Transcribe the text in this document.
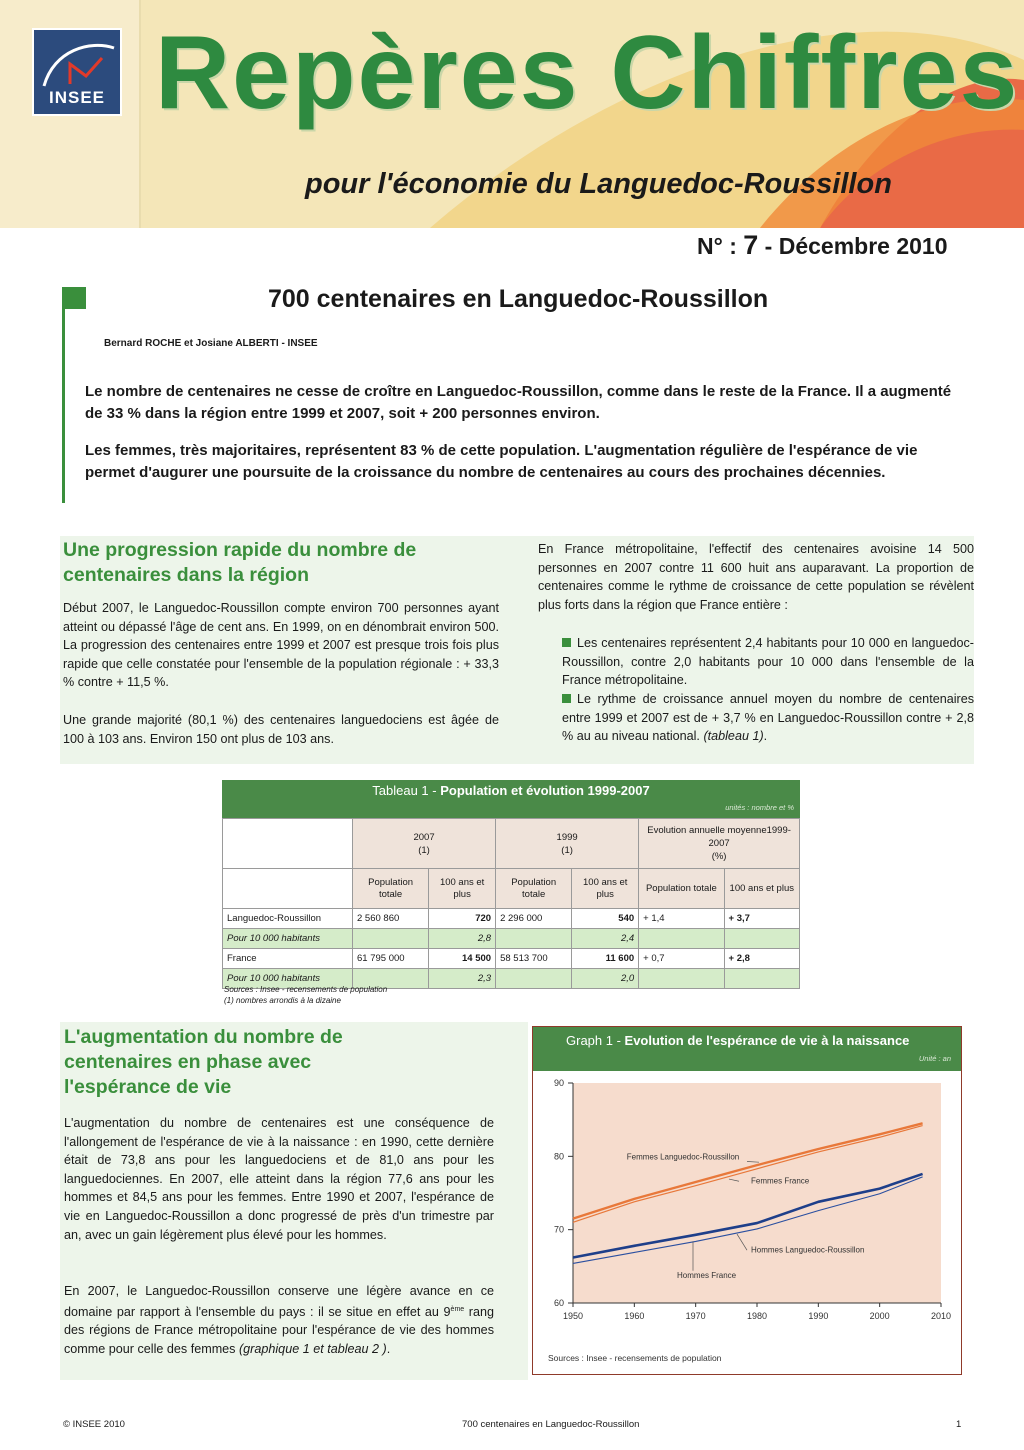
INSEE Repères Chiffres
pour l'économie du Languedoc-Roussillon
N° : 7 - Décembre 2010
700 centenaires en Languedoc-Roussillon
Bernard ROCHE et Josiane ALBERTI - INSEE
Le nombre de centenaires ne cesse de croître en Languedoc-Roussillon, comme dans le reste de la France. Il a augmenté de 33 % dans la région entre 1999 et 2007, soit + 200 personnes environ.
Les femmes, très majoritaires, représentent 83 % de cette population. L'augmentation régulière de l'espérance de vie permet d'augurer une poursuite de la croissance du nombre de centenaires au cours des prochaines décennies.
Une progression rapide du nombre de centenaires dans la région
Début 2007, le Languedoc-Roussillon compte environ 700 personnes ayant atteint ou dépassé l'âge de cent ans. En 1999, on en dénombrait environ 500. La progression des centenaires entre 1999 et 2007 est presque trois fois plus rapide que celle constatée pour l'ensemble de la population régionale : + 33,3 % contre + 11,5 %.
Une grande majorité (80,1 %) des centenaires languedociens est âgée de 100 à 103 ans. Environ 150 ont plus de 103 ans.
En France métropolitaine, l'effectif des centenaires avoisine 14 500 personnes en 2007 contre 11 600 huit ans auparavant. La proportion de centenaires comme le rythme de croissance de cette population se révèlent plus forts dans la région que France entière :
Les centenaires représentent 2,4 habitants pour 10 000 en languedoc-Roussillon, contre 2,0 habitants pour 10 000 dans l'ensemble de la France métropolitaine.
Le rythme de croissance annuel moyen du nombre de centenaires entre 1999 et 2007 est de + 3,7 % en Languedoc-Roussillon contre + 2,8 % au au niveau national. (tableau 1).
Tableau 1 - Population et évolution 1999-2007
unités : nombre et %
	2007
(1)		1999
(1)		Evolution annuelle moyenne1999-2007
(%)	
	Population totale	100 ans et plus	Population totale	100 ans et plus	Population totale	100 ans et plus
Languedoc-Roussillon	2 560 860	720	2 296 000	540	+ 1,4	+ 3,7
Pour 10 000 habitants		2,8		2,4		
France	61 795 000	14 500	58 513 700	11 600	+ 0,7	+ 2,8
Pour 10 000 habitants		2,3		2,0		
Sources : Insee - recensements de population
(1) nombres arrondis à la dizaine
L'augmentation du nombre de centenaires en phase avec l'espérance de vie
L'augmentation du nombre de centenaires est une conséquence de l'allongement de l'espérance de vie à la naissance : en 1990, cette dernière était de 73,8 ans pour les languedociens et de 81,0 ans pour les languedociennes. En 2007, elle atteint dans la région 77,6 ans pour les hommes et 84,5 ans pour les femmes. Entre 1990 et 2007, l'espérance de vie en Languedoc-Roussillon a donc progressé de près d'un trimestre par an, avec un gain légèrement plus élevé pour les hommes.
En 2007, le Languedoc-Roussillon conserve une légère avance en ce domaine par rapport à l'ensemble du pays : il se situe en effet au 9ème rang des régions de France métropolitaine pour l'espérance de vie des hommes comme pour celle des femmes (graphique 1 et tableau 2 ).
Graph 1 - Evolution de l'espérance de vie à la naissance
Unité : an
60
70
80
90
1950	1960	1970	1980	1990	2000	2010
Femmes Languedoc-Roussillon
Femmes France
Hommes Languedoc-Roussillon
Hommes France
Sources : Insee - recensements de population
© INSEE 2010	700 centenaires en Languedoc-Roussillon	1
